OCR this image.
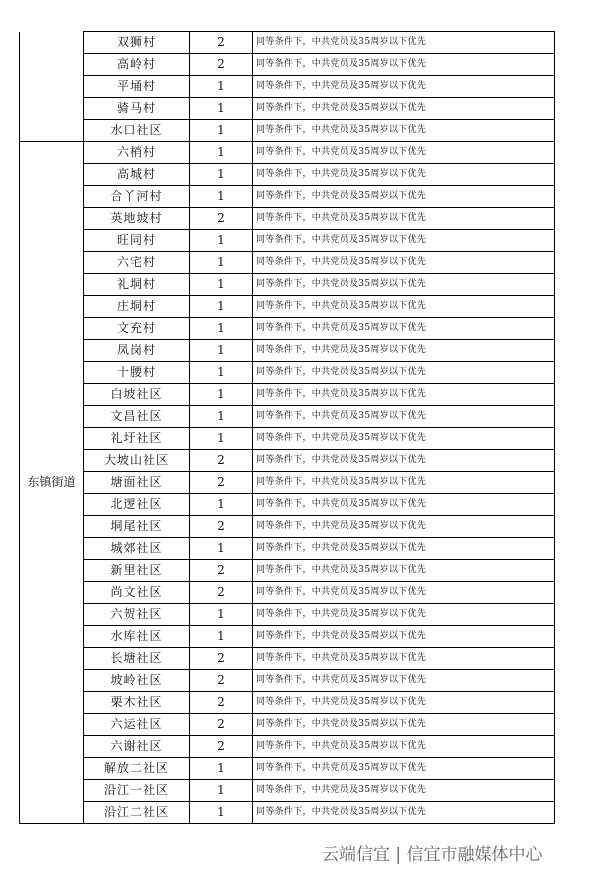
	双狮村	2	同等条件下，中共党员及35周岁以下优先
	高岭村	2	同等条件下，中共党员及35周岁以下优先
	平埇村	1	同等条件下，中共党员及35周岁以下优先
	骑马村	1	同等条件下，中共党员及35周岁以下优先
	水口社区	1	同等条件下，中共党员及35周岁以下优先
东镇街道	六梢村	1	同等条件下，中共党员及35周岁以下优先
	高城村	1	同等条件下，中共党员及35周岁以下优先
	合丫河村	1	同等条件下，中共党员及35周岁以下优先
	英地坡村	2	同等条件下，中共党员及35周岁以下优先
	旺同村	1	同等条件下，中共党员及35周岁以下优先
	六宅村	1	同等条件下，中共党员及35周岁以下优先
	礼垌村	1	同等条件下，中共党员及35周岁以下优先
	庄垌村	1	同等条件下，中共党员及35周岁以下优先
	文充村	1	同等条件下，中共党员及35周岁以下优先
	凤岗村	1	同等条件下，中共党员及35周岁以下优先
	十腰村	1	同等条件下，中共党员及35周岁以下优先
	白坡社区	1	同等条件下，中共党员及35周岁以下优先
	文昌社区	1	同等条件下，中共党员及35周岁以下优先
	礼圩社区	1	同等条件下，中共党员及35周岁以下优先
	大坡山社区	2	同等条件下，中共党员及35周岁以下优先
	塘面社区	2	同等条件下，中共党员及35周岁以下优先
	北逻社区	1	同等条件下，中共党员及35周岁以下优先
	垌尾社区	2	同等条件下，中共党员及35周岁以下优先
	城郊社区	1	同等条件下，中共党员及35周岁以下优先
	新里社区	2	同等条件下，中共党员及35周岁以下优先
	尚文社区	2	同等条件下，中共党员及35周岁以下优先
	六贺社区	1	同等条件下，中共党员及35周岁以下优先
	水库社区	1	同等条件下，中共党员及35周岁以下优先
	长塘社区	2	同等条件下，中共党员及35周岁以下优先
	坡岭社区	2	同等条件下，中共党员及35周岁以下优先
	栗木社区	2	同等条件下，中共党员及35周岁以下优先
	六运社区	2	同等条件下，中共党员及35周岁以下优先
	六谢社区	2	同等条件下，中共党员及35周岁以下优先
	解放二社区	1	同等条件下，中共党员及35周岁以下优先
	沿江一社区	1	同等条件下，中共党员及35周岁以下优先
	沿江二社区	1	同等条件下，中共党员及35周岁以下优先
云端信宜 | 信宜市融媒体中心
